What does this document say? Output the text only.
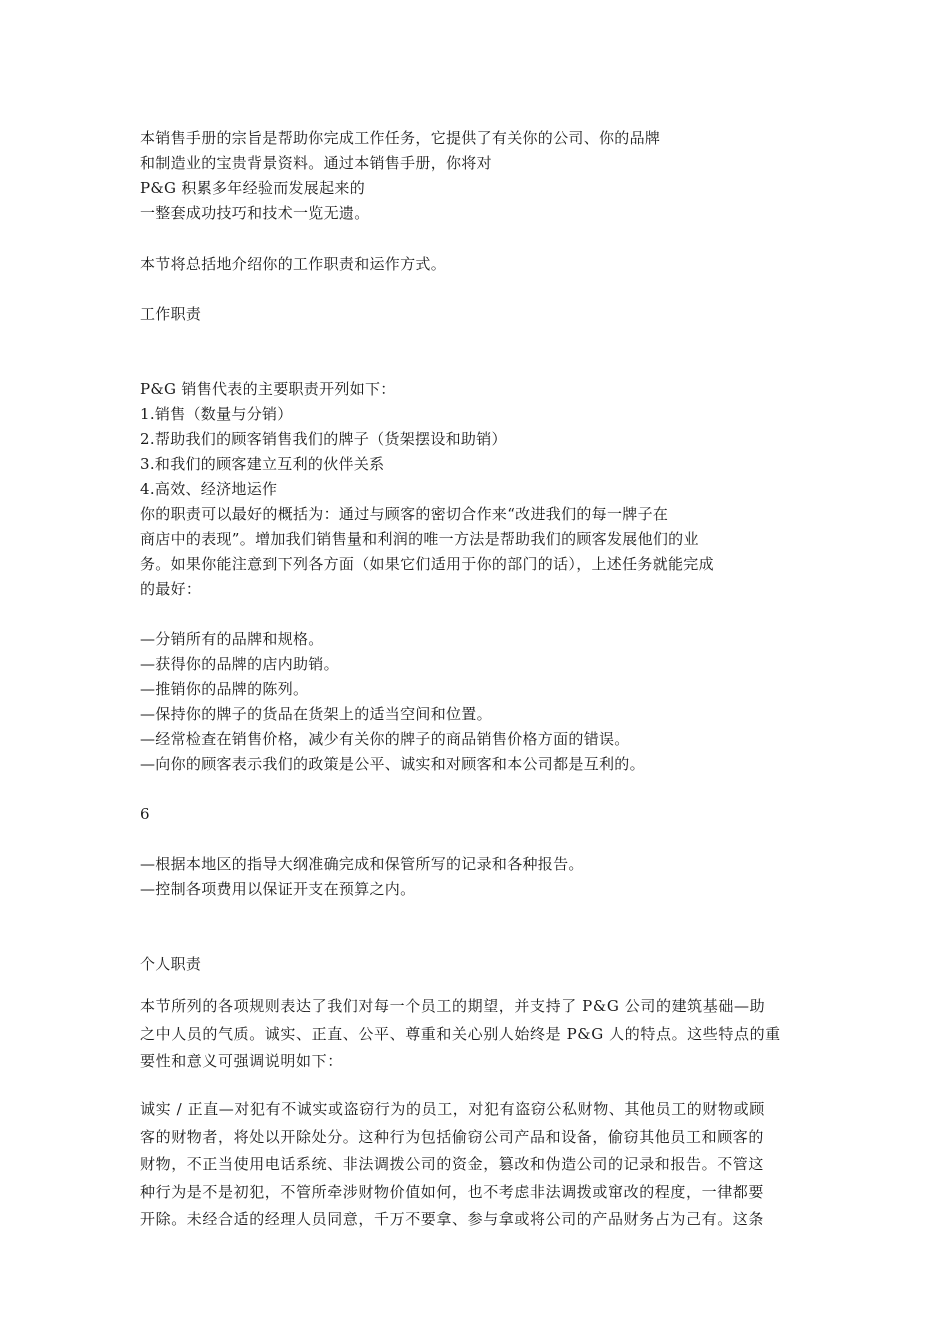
本销售手册的宗旨是帮助你完成工作任务，它提供了有关你的公司、你的品牌
和制造业的宝贵背景资料。通过本销售手册，你将对
P&G 积累多年经验而发展起来的
一整套成功技巧和技术一览无遗。
本节将总括地介绍你的工作职责和运作方式。
工作职责
P&G 销售代表的主要职责开列如下：
1.销售（数量与分销）
2.帮助我们的顾客销售我们的牌子（货架摆设和助销）
3.和我们的顾客建立互利的伙伴关系
4.高效、经济地运作
你的职责可以最好的概括为：通过与顾客的密切合作来“改进我们的每一牌子在
商店中的表现”。增加我们销售量和利润的唯一方法是帮助我们的顾客发展他们的业
务。如果你能注意到下列各方面（如果它们适用于你的部门的话），上述任务就能完成
的最好：
—分销所有的品牌和规格。
—获得你的品牌的店内助销。
—推销你的品牌的陈列。
—保持你的牌子的货品在货架上的适当空间和位置。
—经常检查在销售价格，减少有关你的牌子的商品销售价格方面的错误。
—向你的顾客表示我们的政策是公平、诚实和对顾客和本公司都是互利的。
6
—根据本地区的指导大纲准确完成和保管所写的记录和各种报告。
—控制各项费用以保证开支在预算之内。
个人职责
本节所列的各项规则表达了我们对每一个员工的期望，并支持了 P&G 公司的建筑基础—助
之中人员的气质。诚实、正直、公平、尊重和关心别人始终是 P&G 人的特点。这些特点的重
要性和意义可强调说明如下：
诚实 / 正直—对犯有不诚实或盗窃行为的员工，对犯有盗窃公私财物、其他员工的财物或顾
客的财物者，将处以开除处分。这种行为包括偷窃公司产品和设备，偷窃其他员工和顾客的
财物，不正当使用电话系统、非法调拨公司的资金，篡改和伪造公司的记录和报告。不管这
种行为是不是初犯，不管所牵涉财物价值如何，也不考虑非法调拨或窜改的程度，一律都要
开除。未经合适的经理人员同意，千万不要拿、参与拿或将公司的产品财务占为己有。这条
